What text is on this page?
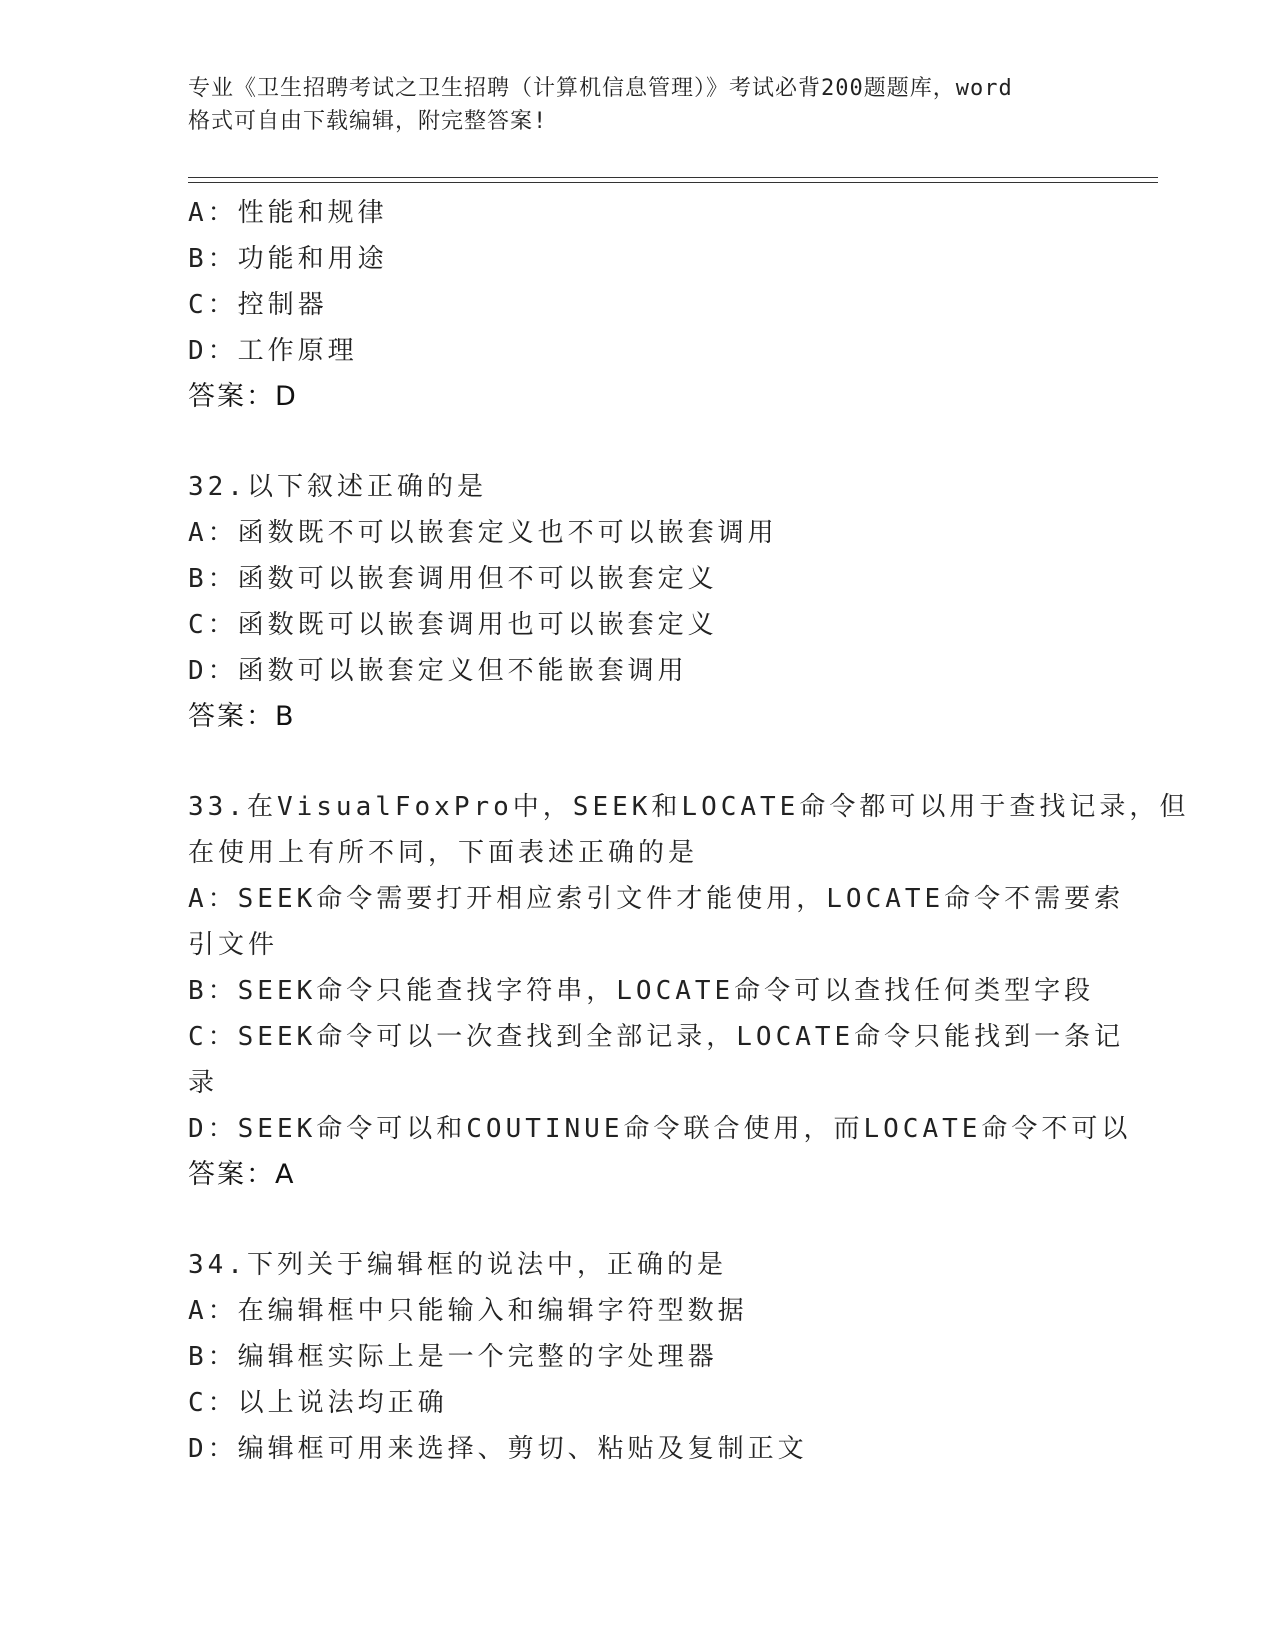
专业《卫生招聘考试之卫生招聘（计算机信息管理）》考试必背200题题库，word
格式可自由下载编辑，附完整答案!
A：性能和规律
B：功能和用途
C：控制器
D：工作原理
答案：D
32.以下叙述正确的是
A：函数既不可以嵌套定义也不可以嵌套调用
B：函数可以嵌套调用但不可以嵌套定义
C：函数既可以嵌套调用也可以嵌套定义
D：函数可以嵌套定义但不能嵌套调用
答案：B
33.在VisualFoxPro中，SEEK和LOCATE命令都可以用于查找记录，但
在使用上有所不同，下面表述正确的是
A：SEEK命令需要打开相应索引文件才能使用，LOCATE命令不需要索
引文件
B：SEEK命令只能查找字符串，LOCATE命令可以查找任何类型字段
C：SEEK命令可以一次查找到全部记录，LOCATE命令只能找到一条记
录
D：SEEK命令可以和COUTINUE命令联合使用，而LOCATE命令不可以
答案：A
34.下列关于编辑框的说法中，正确的是
A：在编辑框中只能输入和编辑字符型数据
B：编辑框实际上是一个完整的字处理器
C：以上说法均正确
D：编辑框可用来选择、剪切、粘贴及复制正文
